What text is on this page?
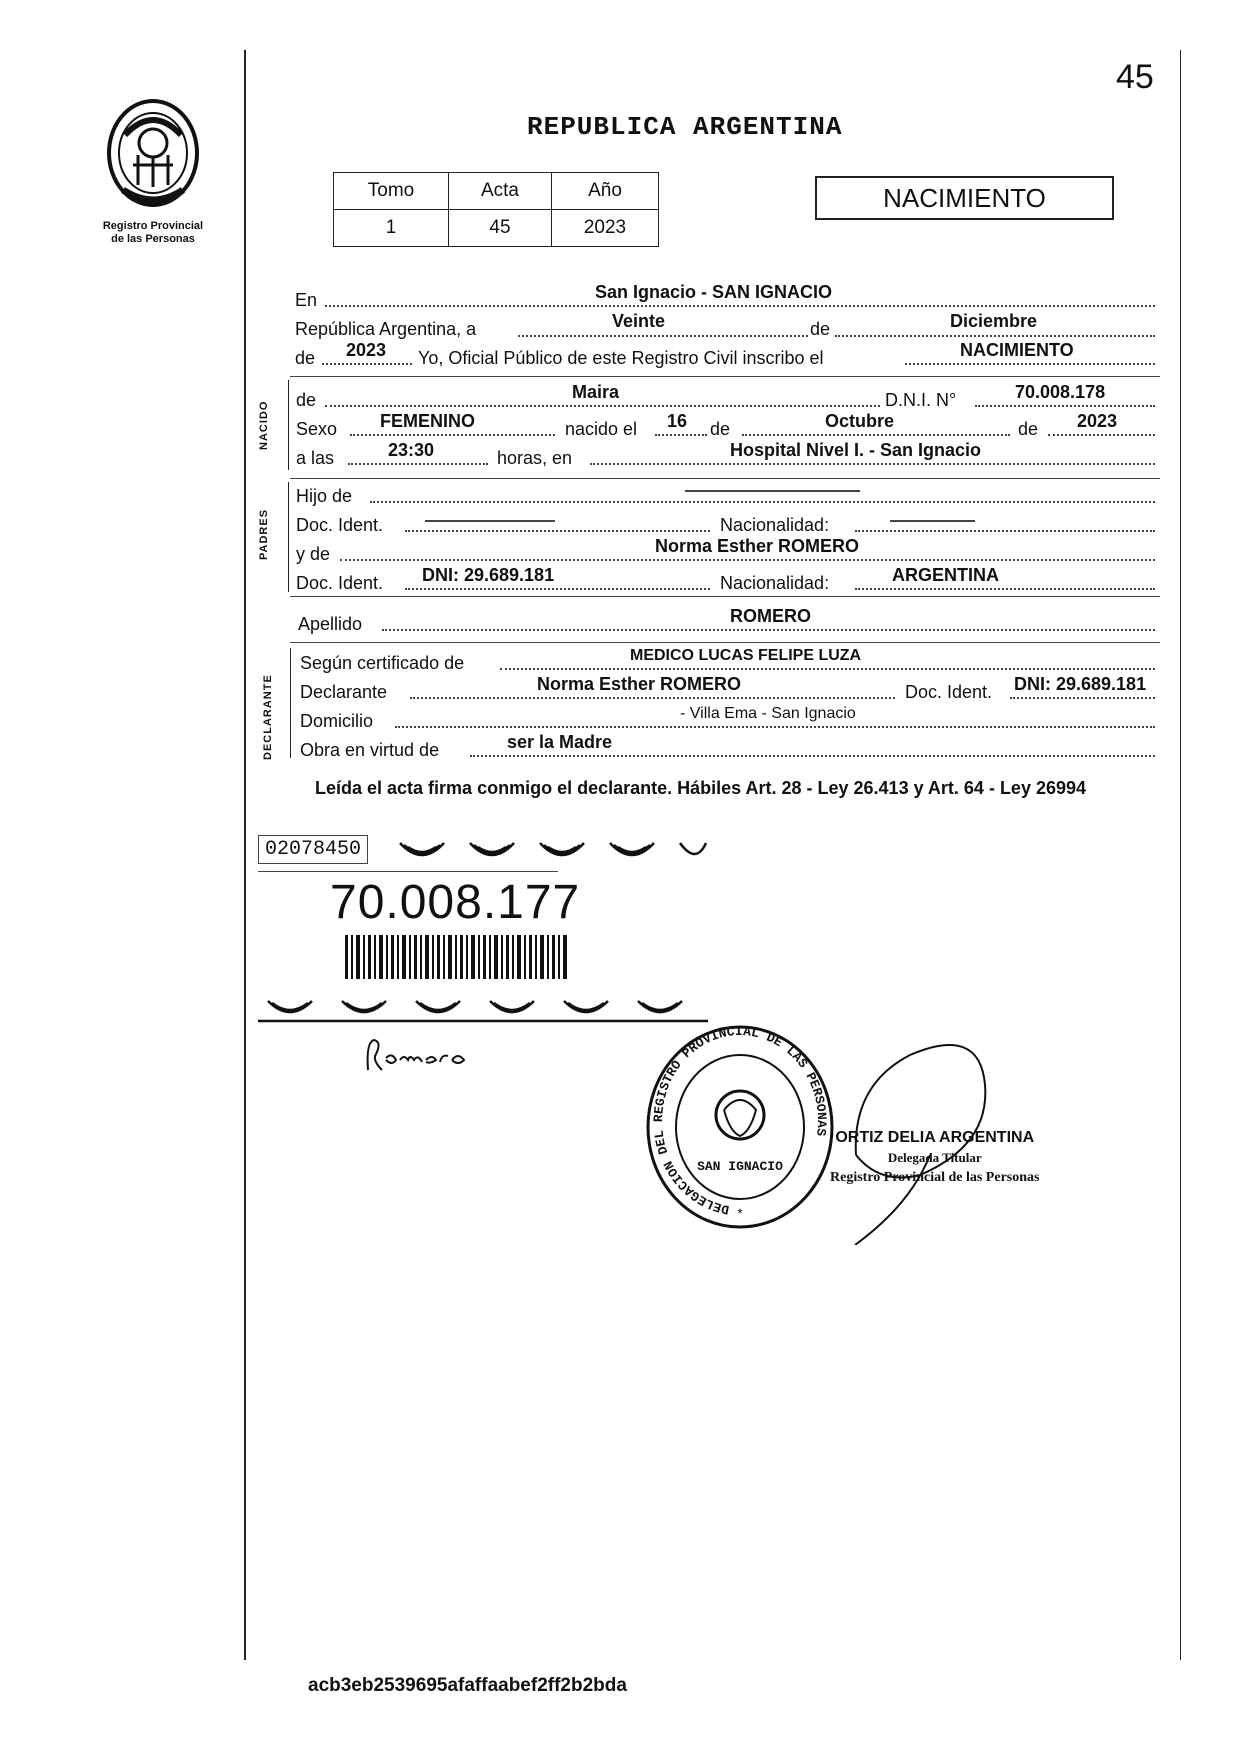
Registro Provincial
de las Personas
45
REPUBLICA ARGENTINA
Tomo	Acta	Año
1	45	2023
NACIMIENTO
En	San Ignacio - SAN IGNACIO
República Argentina, a	Veinte	de	Diciembre
de 2023 Yo, Oficial Público de este Registro Civil inscribo el	NACIMIENTO
NACIDO
de	Maira	D.N.I. N°	70.008.178
Sexo FEMENINO	nacido el 16 de	Octubre	de 2023
a las	23:30	horas, en	Hospital Nivel I. - San Ignacio
PADRES
Hijo de
Doc. Ident.	Nacionalidad:
y de	Norma Esther ROMERO
Doc. Ident. DNI: 29.689.181	Nacionalidad:	ARGENTINA
Apellido	ROMERO
DECLARANTE
Según certificado de	MEDICO LUCAS FELIPE LUZA
Declarante	Norma Esther ROMERO	Doc. Ident. DNI: 29.689.181
Domicilio	- Villa Ema - San Ignacio
Obra en virtud de	ser la Madre
Leída el acta firma conmigo el declarante. Hábiles Art. 28 - Ley 26.413 y Art. 64 - Ley 26994
02078450
70.008.177
DELEGACION DEL REGISTRO PROVINCIAL DE LAS PERSONAS
SAN IGNACIO
*
ORTIZ DELIA ARGENTINA
Delegada Titular
Registro Provincial de las Personas
acb3eb2539695afaffaabef2ff2b2bda
